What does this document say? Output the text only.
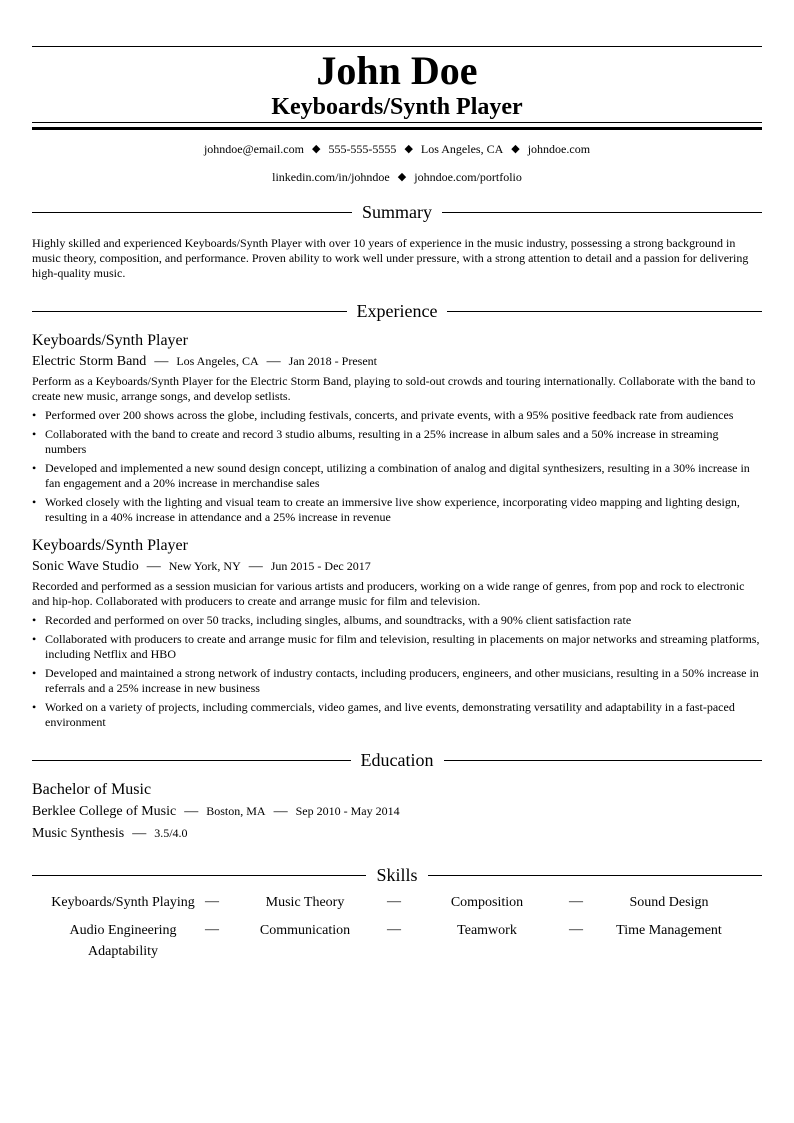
John Doe
Keyboards/Synth Player
johndoe@email.com ◆ 555-555-5555 ◆ Los Angeles, CA ◆ johndoe.com
linkedin.com/in/johndoe ◆ johndoe.com/portfolio
Summary
Highly skilled and experienced Keyboards/Synth Player with over 10 years of experience in the music industry, possessing a strong background in music theory, composition, and performance. Proven ability to work well under pressure, with a strong attention to detail and a passion for delivering high-quality music.
Experience
Keyboards/Synth Player
Electric Storm Band — Los Angeles, CA — Jan 2018 - Present
Perform as a Keyboards/Synth Player for the Electric Storm Band, playing to sold-out crowds and touring internationally. Collaborate with the band to create new music, arrange songs, and develop setlists.
• Performed over 200 shows across the globe, including festivals, concerts, and private events, with a 95% positive feedback rate from audiences
• Collaborated with the band to create and record 3 studio albums, resulting in a 25% increase in album sales and a 50% increase in streaming numbers
• Developed and implemented a new sound design concept, utilizing a combination of analog and digital synthesizers, resulting in a 30% increase in fan engagement and a 20% increase in merchandise sales
• Worked closely with the lighting and visual team to create an immersive live show experience, incorporating video mapping and lighting design, resulting in a 40% increase in attendance and a 25% increase in revenue
Keyboards/Synth Player
Sonic Wave Studio — New York, NY — Jun 2015 - Dec 2017
Recorded and performed as a session musician for various artists and producers, working on a wide range of genres, from pop and rock to electronic and hip-hop. Collaborated with producers to create and arrange music for film and television.
• Recorded and performed on over 50 tracks, including singles, albums, and soundtracks, with a 90% client satisfaction rate
• Collaborated with producers to create and arrange music for film and television, resulting in placements on major networks and streaming platforms, including Netflix and HBO
• Developed and maintained a strong network of industry contacts, including producers, engineers, and other musicians, resulting in a 50% increase in referrals and a 25% increase in new business
• Worked on a variety of projects, including commercials, video games, and live events, demonstrating versatility and adaptability in a fast-paced environment
Education
Bachelor of Music
Berklee College of Music — Boston, MA — Sep 2010 - May 2014
Music Synthesis — 3.5/4.0
Skills
Keyboards/Synth Playing —	Music Theory	—	Composition	—	Sound Design
Audio Engineering	—	Communication	—	Teamwork	—	Time Management
Adaptability
